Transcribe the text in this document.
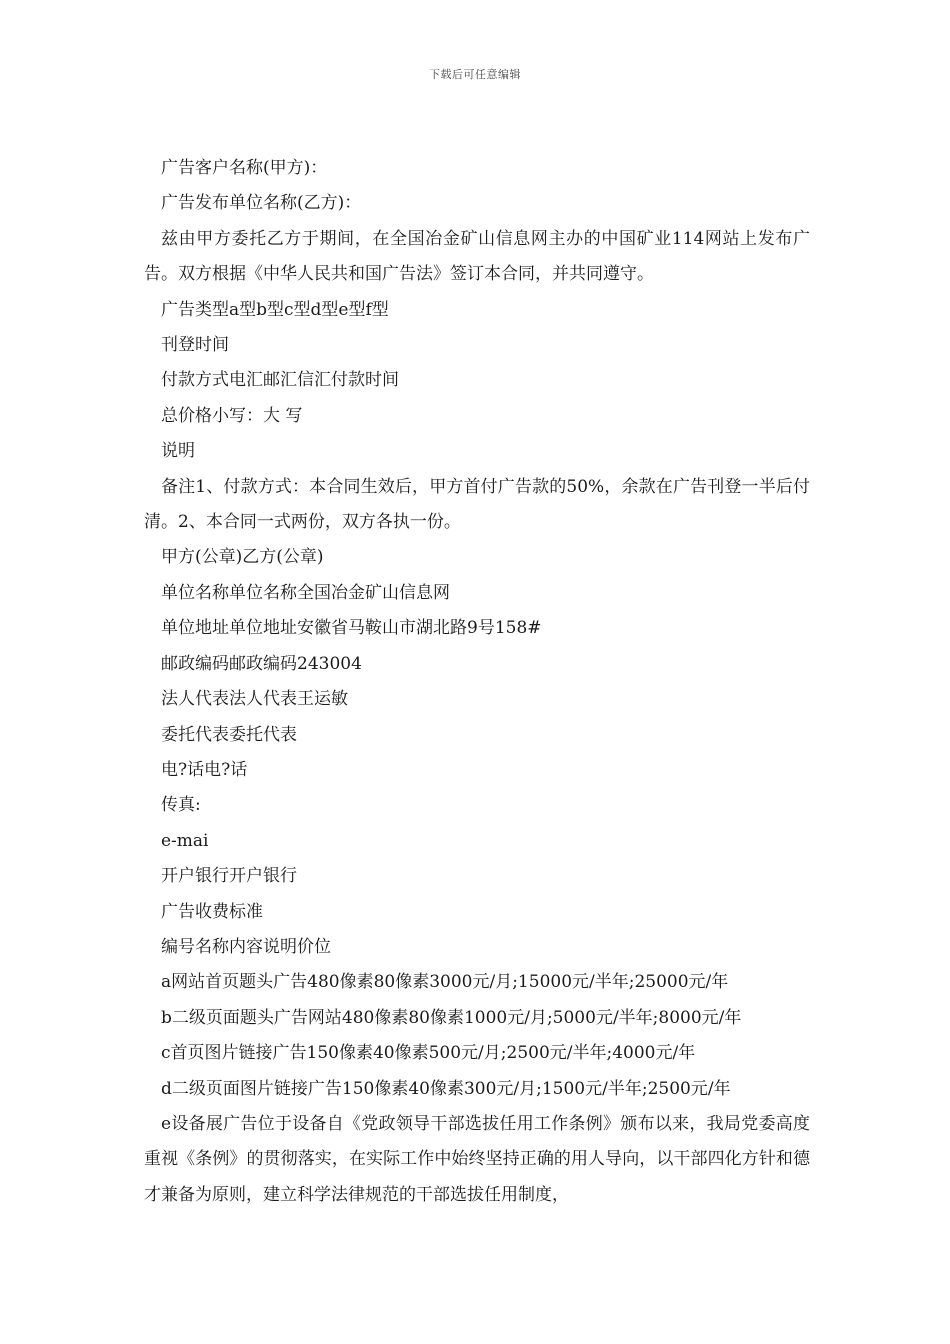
下载后可任意编辑

广告客户名称(甲方)：

广告发布单位名称(乙方)：

兹由甲方委托乙方于期间，在全国冶金矿山信息网主办的中国矿业114网站上发布广告。双方根据《中华人民共和国广告法》签订本合同，并共同遵守。

广告类型a型b型c型d型e型f型

刊登时间

付款方式电汇邮汇信汇付款时间

总价格小写：大 写

说明

备注1、付款方式：本合同生效后，甲方首付广告款的50%，余款在广告刊登一半后付清。2、本合同一式两份，双方各执一份。

甲方(公章)乙方(公章)

单位名称单位名称全国冶金矿山信息网

单位地址单位地址安徽省马鞍山市湖北路9号158#

邮政编码邮政编码243004

法人代表法人代表王运敏

委托代表委托代表

电?话电?话

传真:

e-mai

开户银行开户银行

广告收费标准

编号名称内容说明价位

a网站首页题头广告480像素80像素3000元/月;15000元/半年;25000元/年

b二级页面题头广告网站480像素80像素1000元/月;5000元/半年;8000元/年

c首页图片链接广告150像素40像素500元/月;2500元/半年;4000元/年

d二级页面图片链接广告150像素40像素300元/月;1500元/半年;2500元/年

e设备展广告位于设备自《党政领导干部选拔任用工作条例》颁布以来，我局党委高度重视《条例》的贯彻落实，在实际工作中始终坚持正确的用人导向，以干部四化方针和德才兼备为原则，建立科学法律规范的干部选拔任用制度，
